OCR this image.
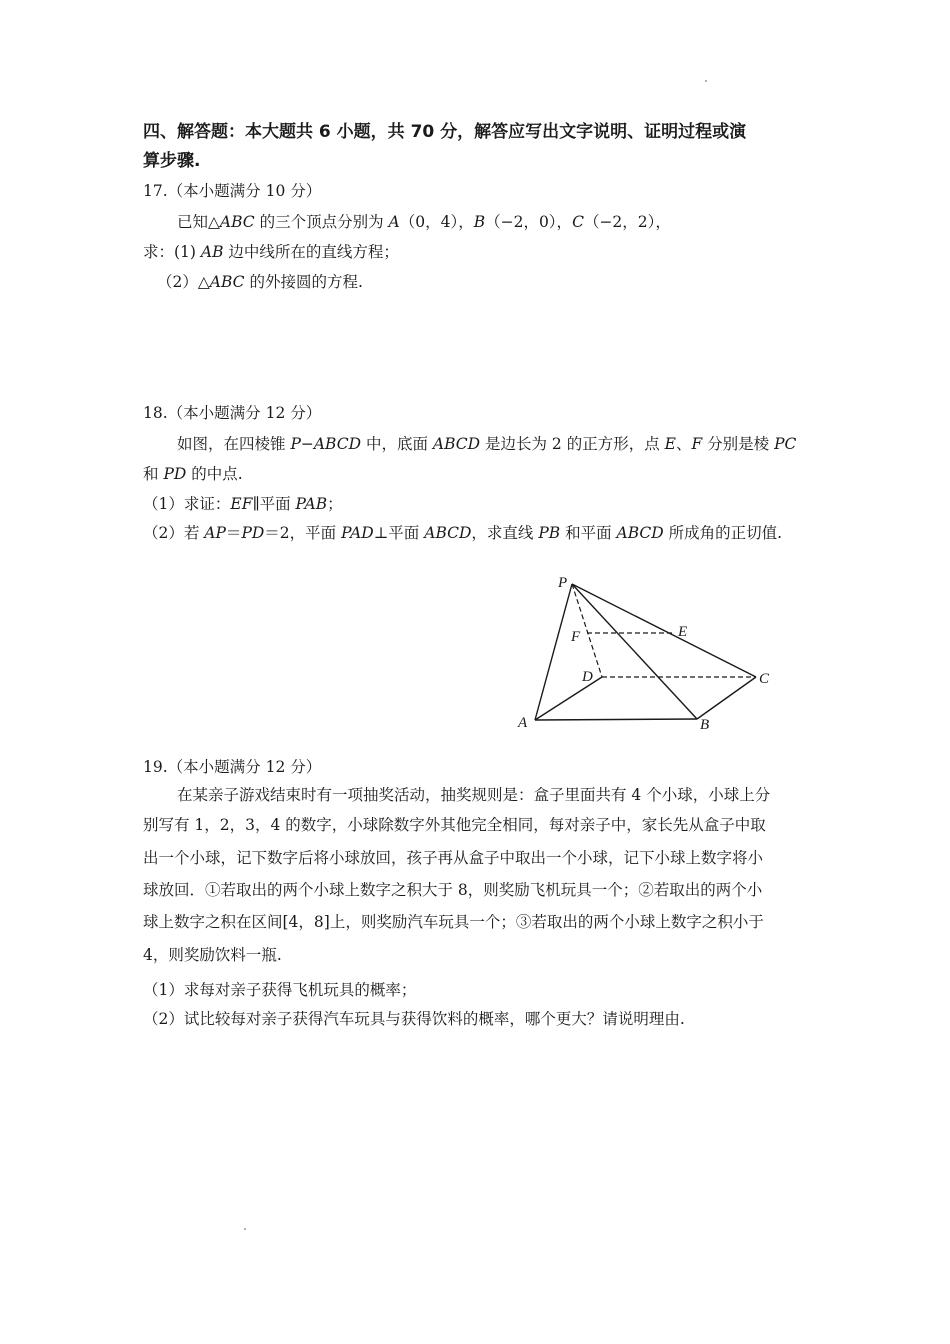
四、解答题：本大题共 6 小题，共 70 分，解答应写出文字说明、证明过程或演
算步骤.
17.（本小题满分 10 分）
已知△ABC 的三个顶点分别为 A（0，4），B（−2，0），C（−2，2），
求：(1) AB 边中线所在的直线方程；
（2）△ABC 的外接圆的方程.
18.（本小题满分 12 分）
如图，在四棱锥 P−ABCD 中，底面 ABCD 是边长为 2 的正方形，点 E、F 分别是棱 PC
和 PD 的中点.
（1）求证：EF∥平面 PAB；
（2）若 AP＝PD＝2，平面 PAD⊥平面 ABCD，求直线 PB 和平面 ABCD 所成角的正切值.
P
F	E
D	C
A	B
19.（本小题满分 12 分）
在某亲子游戏结束时有一项抽奖活动，抽奖规则是：盒子里面共有 4 个小球，小球上分
别写有 1，2，3，4 的数字，小球除数字外其他完全相同，每对亲子中，家长先从盒子中取
出一个小球，记下数字后将小球放回，孩子再从盒子中取出一个小球，记下小球上数字将小
球放回．①若取出的两个小球上数字之积大于 8，则奖励飞机玩具一个；②若取出的两个小
球上数字之积在区间[4，8]上，则奖励汽车玩具一个；③若取出的两个小球上数字之积小于
4，则奖励饮料一瓶.
（1）求每对亲子获得飞机玩具的概率；
（2）试比较每对亲子获得汽车玩具与获得饮料的概率，哪个更大？请说明理由.
